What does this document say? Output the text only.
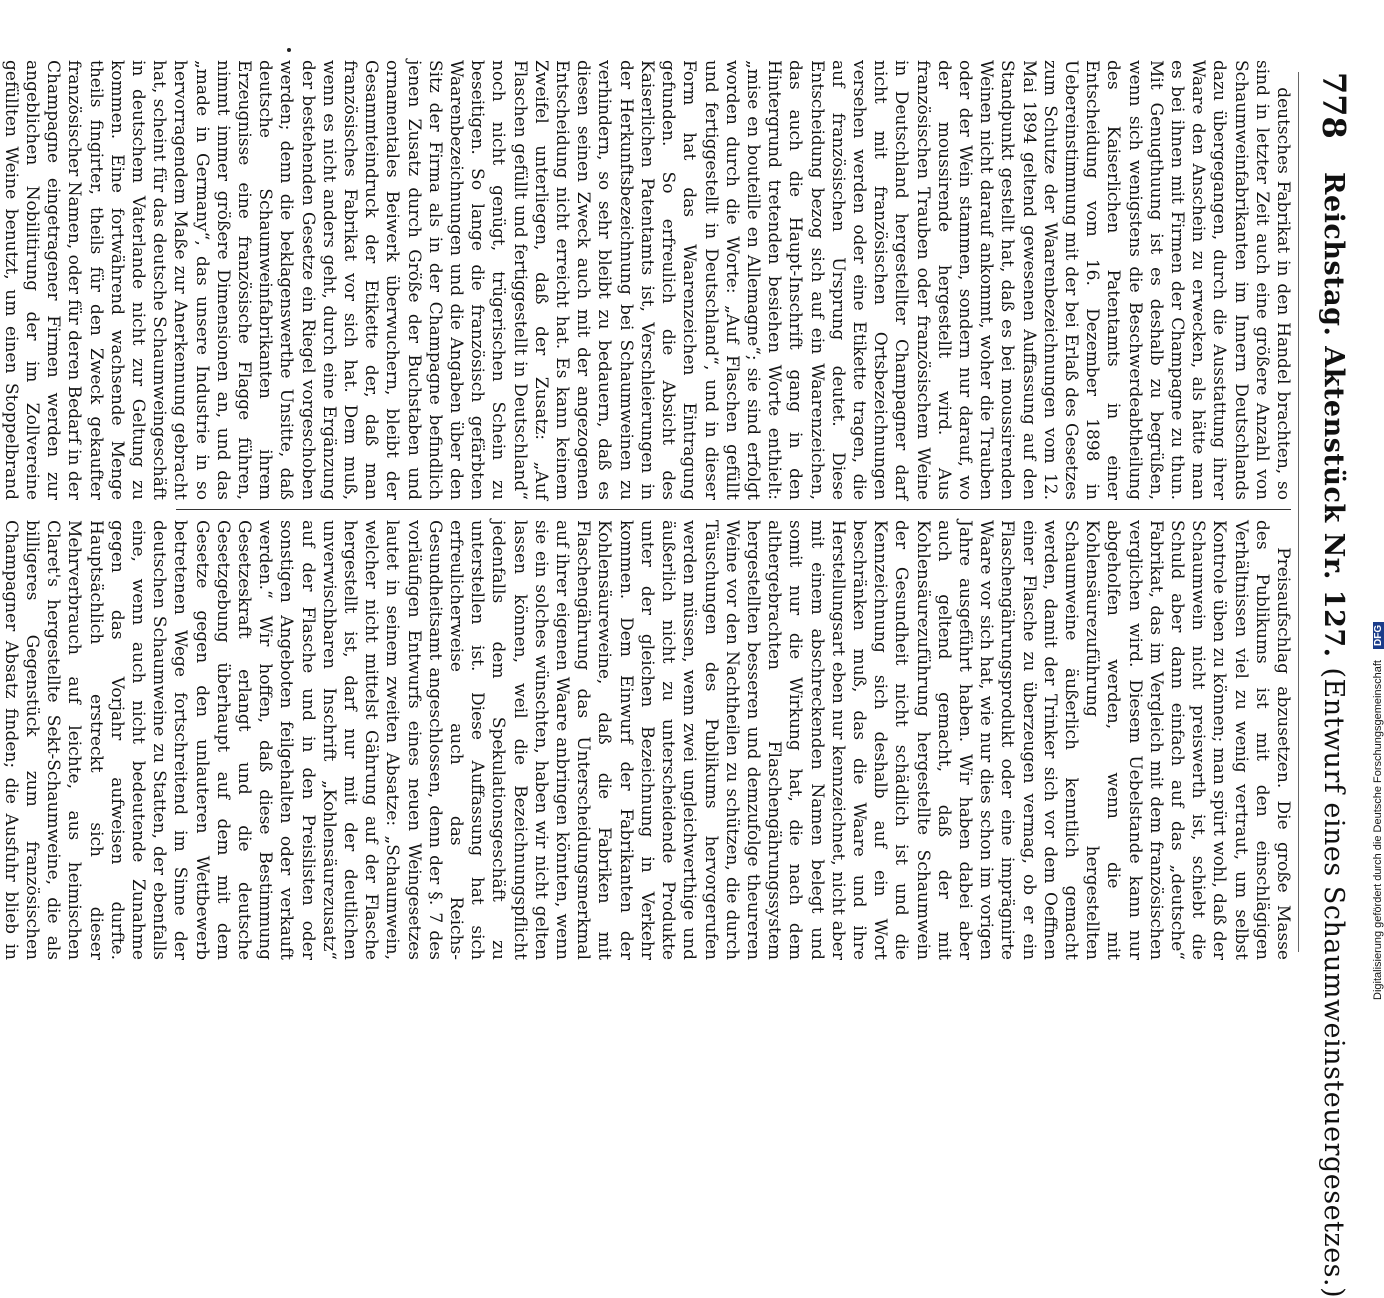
778
Reichstag. Aktenstück Nr. 127. (Entwurf eines Schaumweinsteuergesetzes.)

deutsches Fabrikat in den Handel brachten, so sind in letzter Zeit auch eine größere Anzahl von Schaumweinfabrikanten im Innern Deutschlands dazu übergegangen, durch die Ausstattung ihrer Waare den Anschein zu erwecken, als hätte man es bei ihnen mit Firmen der Champagne zu thun. Mit Genugthuung ist es deshalb zu begrüßen, wenn sich wenigstens die Beschwerdeabtheilung des Kaiserlichen Patentamts in einer Entscheidung vom 16. Dezember 1898 in Uebereinstimmung mit der bei Erlaß des Gesetzes zum Schutze der Waarenbezeichnungen vom 12. Mai 1894 geltend gewesenen Auffassung auf den Standpunkt gestellt hat, daß es bei moussirenden Weinen nicht darauf ankommt, woher die Trauben oder der Wein stammen, sondern nur darauf, wo der moussirende hergestellt wird. Aus französischen Trauben oder französischem Weine in Deutschland hergestellter Champagner darf nicht mit französischen Ortsbezeichnungen versehen werden oder eine Etikette tragen, die auf französischen Ursprung deutet. Diese Entscheidung bezog sich auf ein Waarenzeichen, das auch die Haupt-Inschrift gang in den Hintergrund tretenden besiehen Worte enthielt: „mise en bouteille en Allemagne“; sie sind erfolgt worden durch die Worte: „Auf Flaschen gefüllt und fertiggestellt in Deutschland“, und in dieser Form hat das Waarenzeichen Eintragung gefunden. So erfreulich die Absicht des Kaiserlichen Patentamts ist, Verschleierungen in der Herkunftsbezeichnung bei Schaumweinen zu verhindern, so sehr bleibt zu bedauern, daß es diesen seinen Zweck auch mit der angezogenen Entscheidung nicht erreicht hat. Es kann keinem Zweifel unterliegen, daß der Zusatz: „Auf Flaschen gefüllt und fertiggestellt in Deutschland“ noch nicht genügt, trügerischen Schein zu beseitigen. So lange die französisch gefärbten Waarenbezeichnungen und die Angaben über den Sitz der Firma als in der Champagne befindlich jenen Zusatz durch Größe der Buchstaben und ornamentales Beiwerk überwuchern, bleibt der Gesammteindruck der Etikette der, daß man französisches Fabrikat vor sich hat. Dem muß, wenn es nicht anders geht, durch eine Ergänzung der bestehenden Gesetze ein Riegel vorgeschoben werden; denn die beklagenswerthe Unsitte, daß deutsche Schaumweinfabrikanten ihrem Erzeugnisse eine französische Flagge führen, nimmt immer größere Dimensionen an, und das „made in Germany“, das unsere Industrie in so hervorragendem Maße zur Anerkennung gebracht hat, scheint für das deutsche Schaumweingeschäft in deutschem Vaterlande nicht zur Geltung zu kommen. Eine fortwährend wachsende Menge theils fingirter, theils für den Zweck gekaufter französischer Namen, oder für deren Bedarf in der Champagne eingetragener Firmen werden zur angeblichen Nobilitirung der im Zollvereine gefüllten Weine benutzt, um einen Stoppelbrand

Preisaufschlag abzusetzen. Die große Masse des Publikums ist mit den einschlägigen Verhältnissen viel zu wenig vertraut, um selbst Kontrole üben zu können; man spürt wohl, daß der Schaumwein nicht preiswerth ist, schiebt die Schuld aber dann einfach auf das „deutsche“ Fabrikat, das im Vergleich mit dem französischen verglichen wird. Diesem Uebelstande kann nur abgeholfen werden, wenn die mit Kohlensäurezuführung hergestellten Schaumweine äußerlich kenntlich gemacht werden, damit der Trinker sich vor dem Oeffnen einer Flasche zu überzeugen vermag, ob er ein Flaschengährungsprodukt oder eine imprägnirte Waare vor sich hat, wie nur dies schon im vorigen Jahre ausgeführt haben. Wir haben dabei aber auch geltend gemacht, daß der mit Kohlensäurezuführung hergestellte Schaumwein der Gesundheit nicht schädlich ist und die Kennzeichnung sich deshalb auf ein Wort beschränken muß, das die Waare und ihre Herstellungsart eben nur kennzeichnet, nicht aber mit einem abschreckenden Namen belegt und somit nur die Wirkung hat, die nach dem althergebrachten Flaschengährungssystem hergestellten besseren und demzufolge theureren Weine vor den Nachtheilen zu schützen, die durch Täuschungen des Publikums hervorgerufen werden müssen, wenn zwei ungleichwerthige und äußerlich nicht zu unterscheidende Produkte unter der gleichen Bezeichnung in Verkehr kommen. Dem Einwurf der Fabrikanten der Kohlensäureweine, daß die Fabriken mit Flaschengährung das Unterscheidungsmerkmal auf ihrer eigenen Waare anbringen könnten, wenn sie ein solches wünschten, haben wir nicht gelten lassen können, weil die Bezeichnungspflicht jedenfalls dem Spekulationsgeschäft zu unterstellen ist. Diese Auffassung hat sich erfreulicherweise auch das Reichs-Gesundheitsamt angeschlossen, denn der §. 7 des vorläufigen Entwurfs eines neuen Weingesetzes lautet in seinem zweiten Absatze: „Schaumwein, welcher nicht mittelst Gährung auf der Flasche hergestellt ist, darf nur mit der deutlichen unverwischbaren Inschrift „Kohlensäurezusatz“ auf der Flasche und in den Preislisten oder sonstigen Angeboten feilgehalten oder verkauft werden.“ Wir hoffen, daß diese Bestimmung Gesetzeskraft erlangt und die deutsche Gesetzgebung überhaupt auf dem mit dem Gesetze gegen den unlauteren Wettbewerb betretenen Wege fortschreitend im Sinne der deutschen Schaumweine zu Statten, der ebenfalls eine, wenn auch nicht bedeutende Zunahme gegen das Vorjahr aufweisen durfte. Hauptsächlich erstreckt sich dieser Mehrverbrauch auf leichte, aus heimischen Claret's hergestellte Sekt-Schaumweine, die als billigeres Gegenstück zum französischen Champagner Absatz finden; die Ausfuhr blieb in	Digitalisierung gefördert durch die Deutsche Forschungsgemeinschaft DFG
